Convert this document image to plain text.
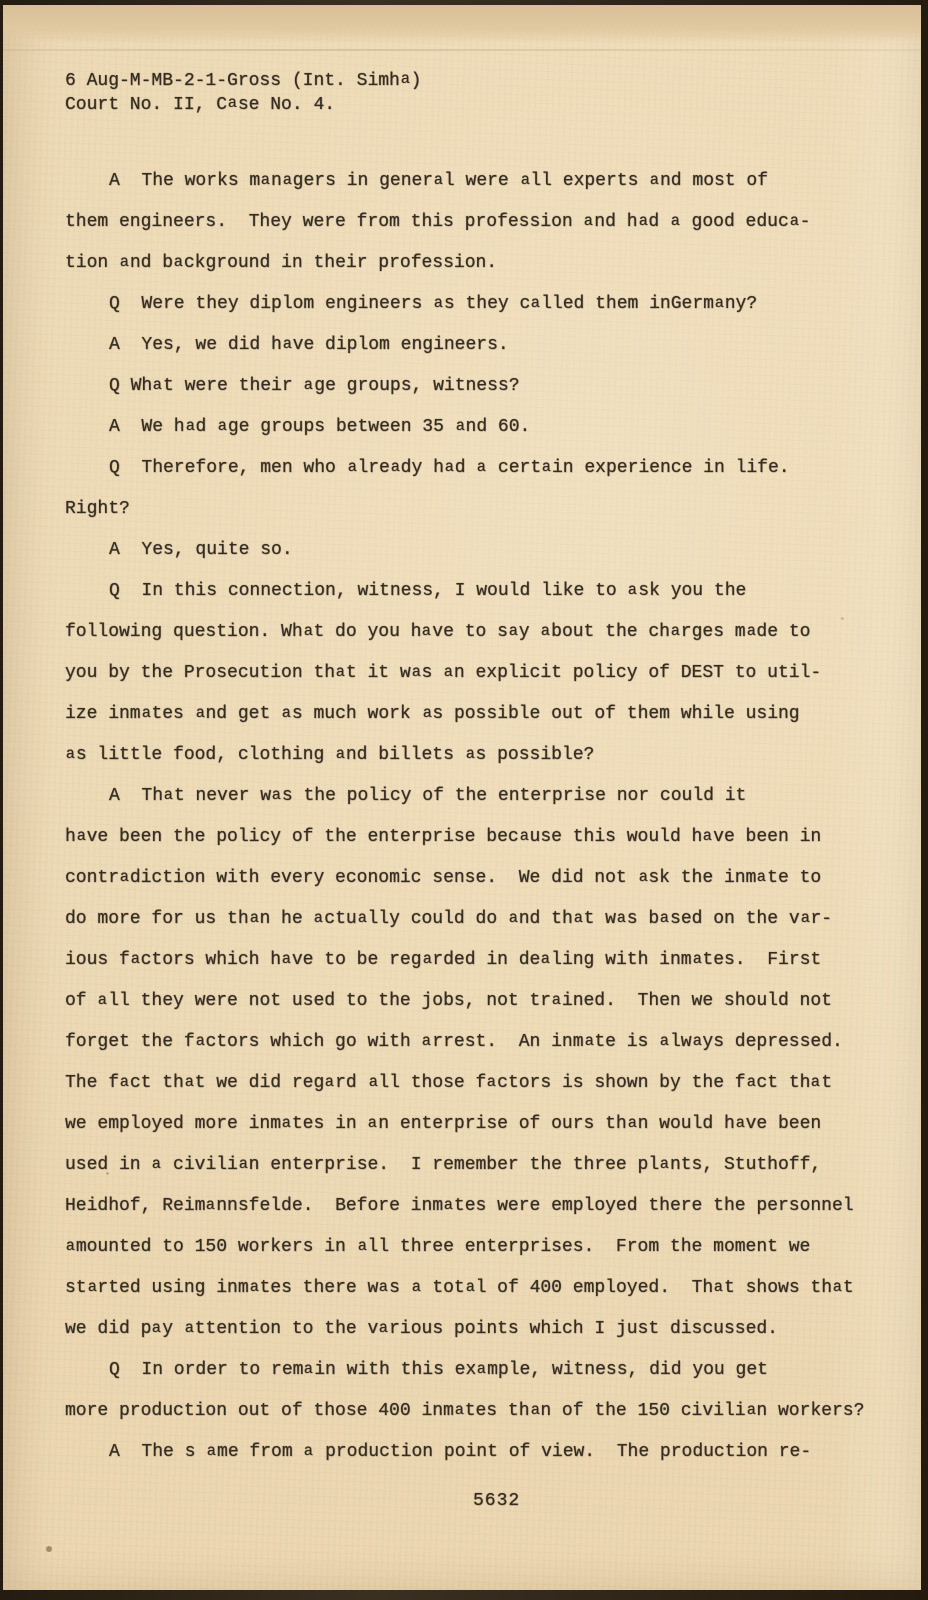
6 Aug-M-MB-2-1-Gross (Int. Simha)
Court No. II, Case No. 4.
A  The works managers in general were all experts and most of
them engineers.  They were from this profession and had a good educa-
tion and background in their profession.
Q  Were they diplom engineers as they called them inGermany?
A  Yes, we did have diplom engineers.
Q What were their age groups, witness?
A  We had age groups between 35 and 60.
Q  Therefore, men who already had a certain experience in life.
Right?
A  Yes, quite so.
Q  In this connection, witness, I would like to ask you the
following question. What do you have to say about the charges made to
you by the Prosecution that it was an explicit policy of DEST to util-
ize inmates and get as much work as possible out of them while using
as little food, clothing and billets as possible?
A  That never was the policy of the enterprise nor could it
have been the policy of the enterprise because this would have been in
contradiction with every economic sense.  We did not ask the inmate to
do more for us than he actually could do and that was based on the var-
ious factors which have to be regarded in dealing with inmates.  First
of all they were not used to the jobs, not trained.  Then we should not
forget the factors which go with arrest.  An inmate is always depressed.
The fact that we did regard all those factors is shown by the fact that
we employed more inmates in an enterprise of ours than would have been
used in a civilian enterprise.  I remember the three plants, Stuthoff,
Heidhof, Reimannsfelde.  Before inmates were employed there the personnel
amounted to 150 workers in all three enterprises.  From the moment we
started using inmates there was a total of 400 employed.  That shows that
we did pay attention to the various points which I just discussed.
Q  In order to remain with this example, witness, did you get
more production out of those 400 inmates than of the 150 civilian workers?
A  The s ame from a production point of view.  The production re-
5632
